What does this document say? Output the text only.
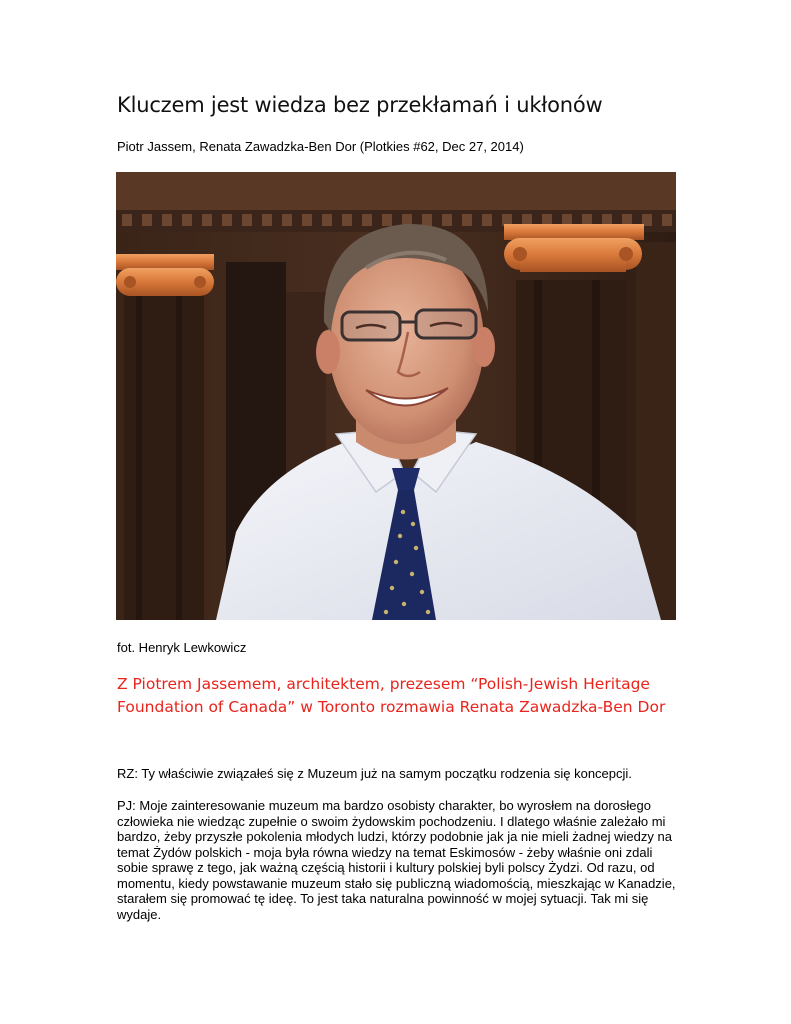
Kluczem jest wiedza bez przekłamań i ukłonów
Piotr Jassem, Renata Zawadzka-Ben Dor (Plotkies #62, Dec 27, 2014)
fot. Henryk Lewkowicz
Z Piotrem Jassemem, architektem, prezesem “Polish-Jewish Heritage
Foundation of Canada” w Toronto rozmawia Renata Zawadzka-Ben Dor

RZ: Ty właściwie związałeś się z Muzeum już na samym początku rodzenia się koncepcji.

PJ: Moje zainteresowanie muzeum ma bardzo osobisty charakter, bo wyrosłem na dorosłego
człowieka nie wiedząc zupełnie o swoim żydowskim pochodzeniu. I dlatego właśnie zależało mi
bardzo, żeby przyszłe pokolenia młodych ludzi, którzy podobnie jak ja nie mieli żadnej wiedzy na
temat Żydów polskich - moja była równa wiedzy na temat Eskimosów - żeby właśnie oni zdali
sobie sprawę z tego, jak ważną częścią historii i kultury polskiej byli polscy Żydzi. Od razu, od
momentu, kiedy powstawanie muzeum stało się publiczną wiadomością, mieszkając w Kanadzie,
starałem się promować tę ideę. To jest taka naturalna powinność w mojej sytuacji. Tak mi się
wydaje.
